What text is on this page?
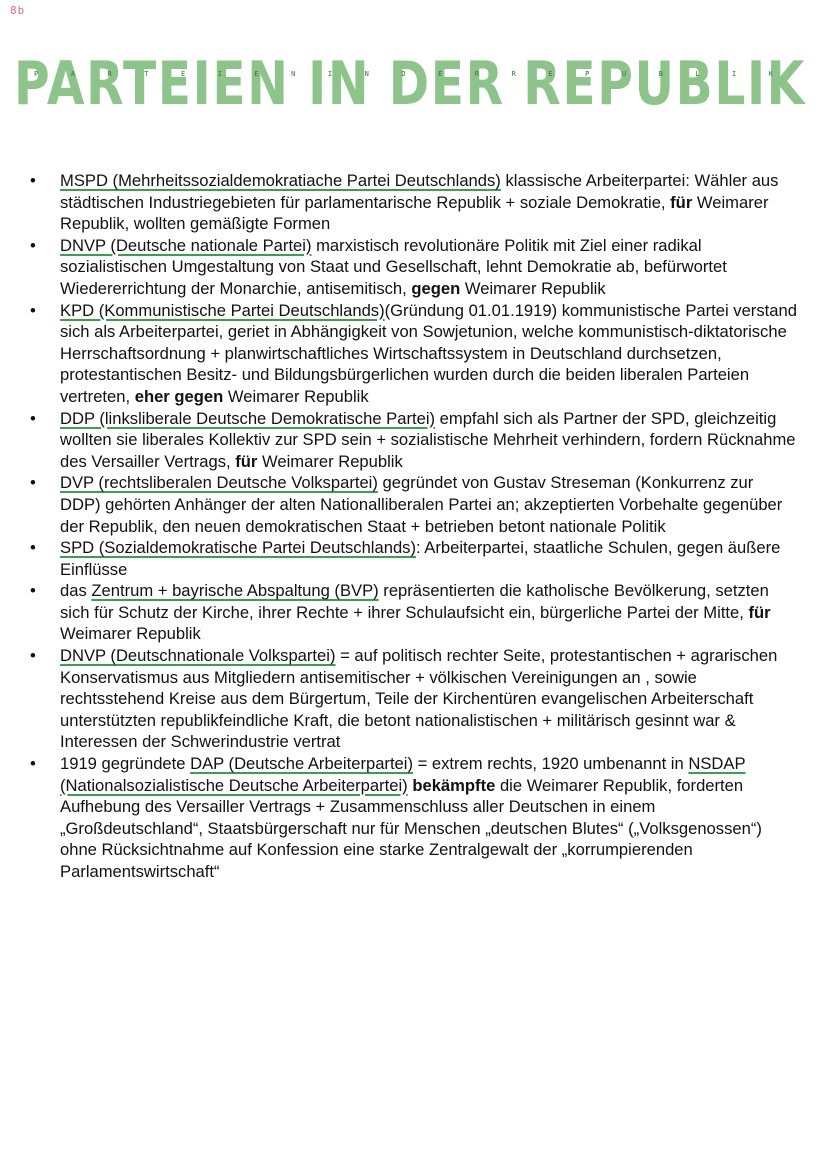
8b
PARTEIEN IN DER REPUBLIK
P A R T E I E N I N D E R R E P U B L I K
• MSPD (Mehrheitssozialdemokratiache Partei Deutschlands) klassische Arbeiterpartei: Wähler aus städtischen Industriegebieten für parlamentarische Republik + soziale Demokratie, für Weimarer Republik, wollten gemäßigte Formen
• DNVP (Deutsche nationale Partei) marxistisch revolutionäre Politik mit Ziel einer radikal sozialistischen Umgestaltung von Staat und Gesellschaft, lehnt Demokratie ab, befürwortet Wiedererrichtung der Monarchie, antisemitisch, gegen Weimarer Republik
• KPD (Kommunistische Partei Deutschlands)(Gründung 01.01.1919) kommunistische Partei verstand sich als Arbeiterpartei, geriet in Abhängigkeit von Sowjetunion, welche kommunistisch-diktatorische Herrschaftsordnung + planwirtschaftliches Wirtschaftssystem in Deutschland durchsetzen, protestantischen Besitz- und Bildungsbürgerlichen wurden durch die beiden liberalen Parteien vertreten, eher gegen Weimarer Republik
• DDP (linksliberale Deutsche Demokratische Partei) empfahl sich als Partner der SPD, gleichzeitig wollten sie liberales Kollektiv zur SPD sein + sozialistische Mehrheit verhindern, fordern Rücknahme des Versailler Vertrags, für Weimarer Republik
• DVP (rechtsliberalen Deutsche Volkspartei) gegründet von Gustav Streseman (Konkurrenz zur DDP) gehörten Anhänger der alten Nationalliberalen Partei an; akzeptierten Vorbehalte gegenüber der Republik, den neuen demokratischen Staat + betrieben betont nationale Politik
• SPD (Sozialdemokratische Partei Deutschlands): Arbeiterpartei, staatliche Schulen, gegen äußere Einflüsse
• das Zentrum + bayrische Abspaltung (BVP) repräsentierten die katholische Bevölkerung, setzten sich für Schutz der Kirche, ihrer Rechte + ihrer Schulaufsicht ein, bürgerliche Partei der Mitte, für Weimarer Republik
• DNVP (Deutschnationale Volkspartei) = auf politisch rechter Seite, protestantischen + agrarischen Konservatismus aus Mitgliedern antisemitischer + völkischen Vereinigungen an , sowie rechtsstehend Kreise aus dem Bürgertum, Teile der Kirchentüren evangelischen Arbeiterschaft unterstützten republikfeindliche Kraft, die betont nationalistischen + militärisch gesinnt war & Interessen der Schwerindustrie vertrat
• 1919 gegründete DAP (Deutsche Arbeiterpartei) = extrem rechts, 1920 umbenannt in NSDAP (Nationalsozialistische Deutsche Arbeiterpartei) bekämpfte die Weimarer Republik, forderten Aufhebung des Versailler Vertrags + Zusammenschluss aller Deutschen in einem „Großdeutschland“, Staatsbürgerschaft nur für Menschen „deutschen Blutes“ („Volksgenossen“) ohne Rücksichtnahme auf Konfession eine starke Zentralgewalt der „korrumpierenden Parlamentswirtschaft“
